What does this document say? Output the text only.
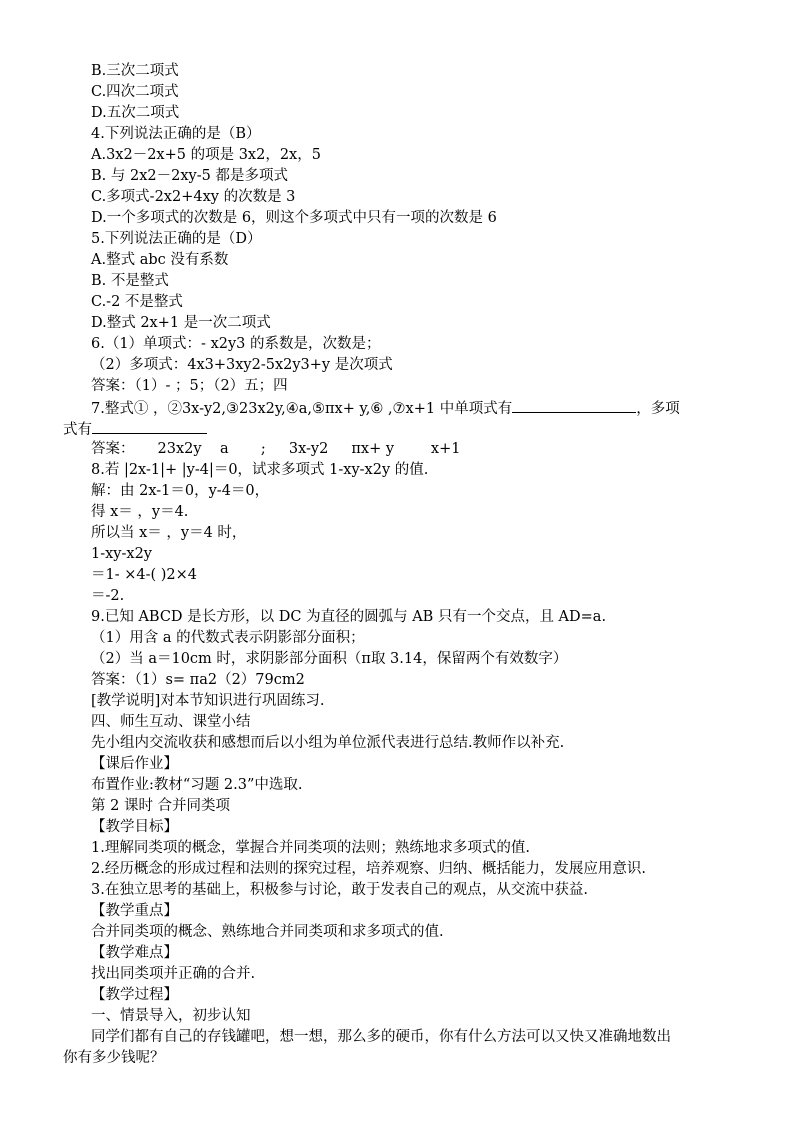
B.三次二项式
C.四次二项式
D.五次二项式
4.下列说法正确的是（B）
A.3x2－2x+5 的项是 3x2，2x，5
B. 与 2x2－2xy-5 都是多项式
C.多项式-2x2+4xy 的次数是 3
D.一个多项式的次数是 6，则这个多项式中只有一项的次数是 6
5.下列说法正确的是（D）
A.整式 abc 没有系数
B. 不是整式
C.-2 不是整式
D.整式 2x+1 是一次二项式
6.（1）单项式：- x2y3 的系数是，次数是；
（2）多项式：4x3+3xy2-5x2y3+y 是次项式
答案：（1）- ；5；（2）五；四
7.整式① ，②3x-y2,③23x2y,④a,⑤πx+ y,⑥ ,⑦x+1 中单项式有	，多项
式有
答案：     23x2y    a       ;     3x-y2     πx+ y        x+1
8.若 |2x-1|+ |y-4|＝0，试求多项式 1-xy-x2y 的值.
解：由 2x-1＝0，y-4＝0，
得 x＝ ，y＝4.
所以当 x＝ ，y＝4 时，
1-xy-x2y
＝1- ×4-( )2×4
＝-2.
9.已知 ABCD 是长方形，以 DC 为直径的圆弧与 AB 只有一个交点，且 AD=a.
（1）用含 a 的代数式表示阴影部分面积；
（2）当 a＝10cm 时，求阴影部分面积（π取 3.14，保留两个有效数字）
答案：（1）s= πa2（2）79cm2
[教学说明]对本节知识进行巩固练习.
四、师生互动、课堂小结
先小组内交流收获和感想而后以小组为单位派代表进行总结.教师作以补充.
【课后作业】
布置作业:教材“习题 2.3”中选取.
第 2 课时 合并同类项
【教学目标】
1.理解同类项的概念，掌握合并同类项的法则；熟练地求多项式的值.
2.经历概念的形成过程和法则的探究过程，培养观察、归纳、概括能力，发展应用意识.
3.在独立思考的基础上，积极参与讨论，敢于发表自己的观点，从交流中获益.
【教学重点】
合并同类项的概念、熟练地合并同类项和求多项式的值.
【教学难点】
找出同类项并正确的合并.
【教学过程】
一、情景导入，初步认知
同学们都有自己的存钱罐吧，想一想，那么多的硬币，你有什么方法可以又快又准确地数出
你有多少钱呢？
